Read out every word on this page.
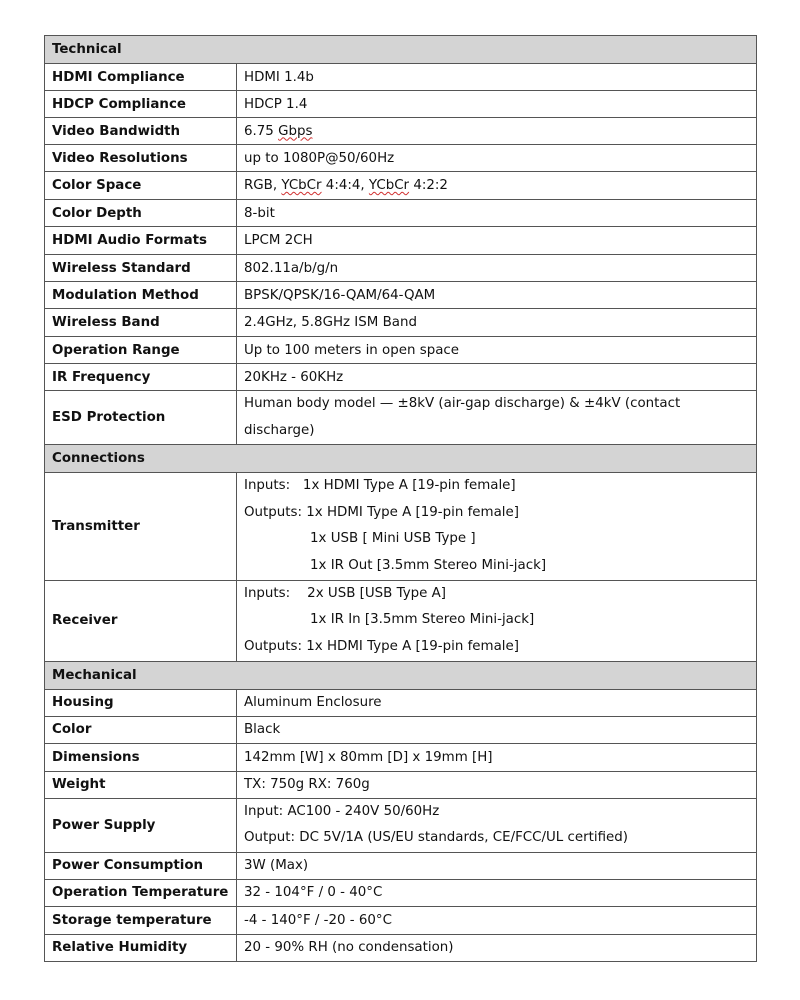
Technical	
HDMI Compliance	HDMI 1.4b
HDCP Compliance	HDCP 1.4
Video Bandwidth	6.75 Gbps
Video Resolutions	up to 1080P@50/60Hz
Color Space	RGB, YCbCr 4:4:4, YCbCr 4:2:2
Color Depth	8-bit
HDMI Audio Formats	LPCM 2CH
Wireless Standard	802.11a/b/g/n
Modulation Method	BPSK/QPSK/16-QAM/64-QAM
Wireless Band	2.4GHz, 5.8GHz ISM Band
Operation Range	Up to 100 meters in open space
IR Frequency	20KHz - 60KHz
ESD Protection	Human body model — ±8kV (air-gap discharge) & ±4kV (contact
discharge)

Connections	
Transmitter	Inputs:   1x HDMI Type A [19-pin female]
Outputs: 1x HDMI Type A [19-pin female]
1x USB [ Mini USB Type ]
1x IR Out [3.5mm Stereo Mini-jack]

Receiver	Inputs:    2x USB [USB Type A]
1x IR In [3.5mm Stereo Mini-jack]
Outputs: 1x HDMI Type A [19-pin female]

Mechanical	
Housing	Aluminum Enclosure
Color	Black
Dimensions	142mm [W] x 80mm [D] x 19mm [H]
Weight	TX: 750g RX: 760g
Power Supply	Input: AC100 - 240V 50/60Hz
Output: DC 5V/1A (US/EU standards, CE/FCC/UL certified)

Power Consumption	3W (Max)
Operation Temperature	32 - 104°F / 0 - 40°C
Storage temperature	-4 - 140°F / -20 - 60°C
Relative Humidity	20 - 90% RH (no condensation)
